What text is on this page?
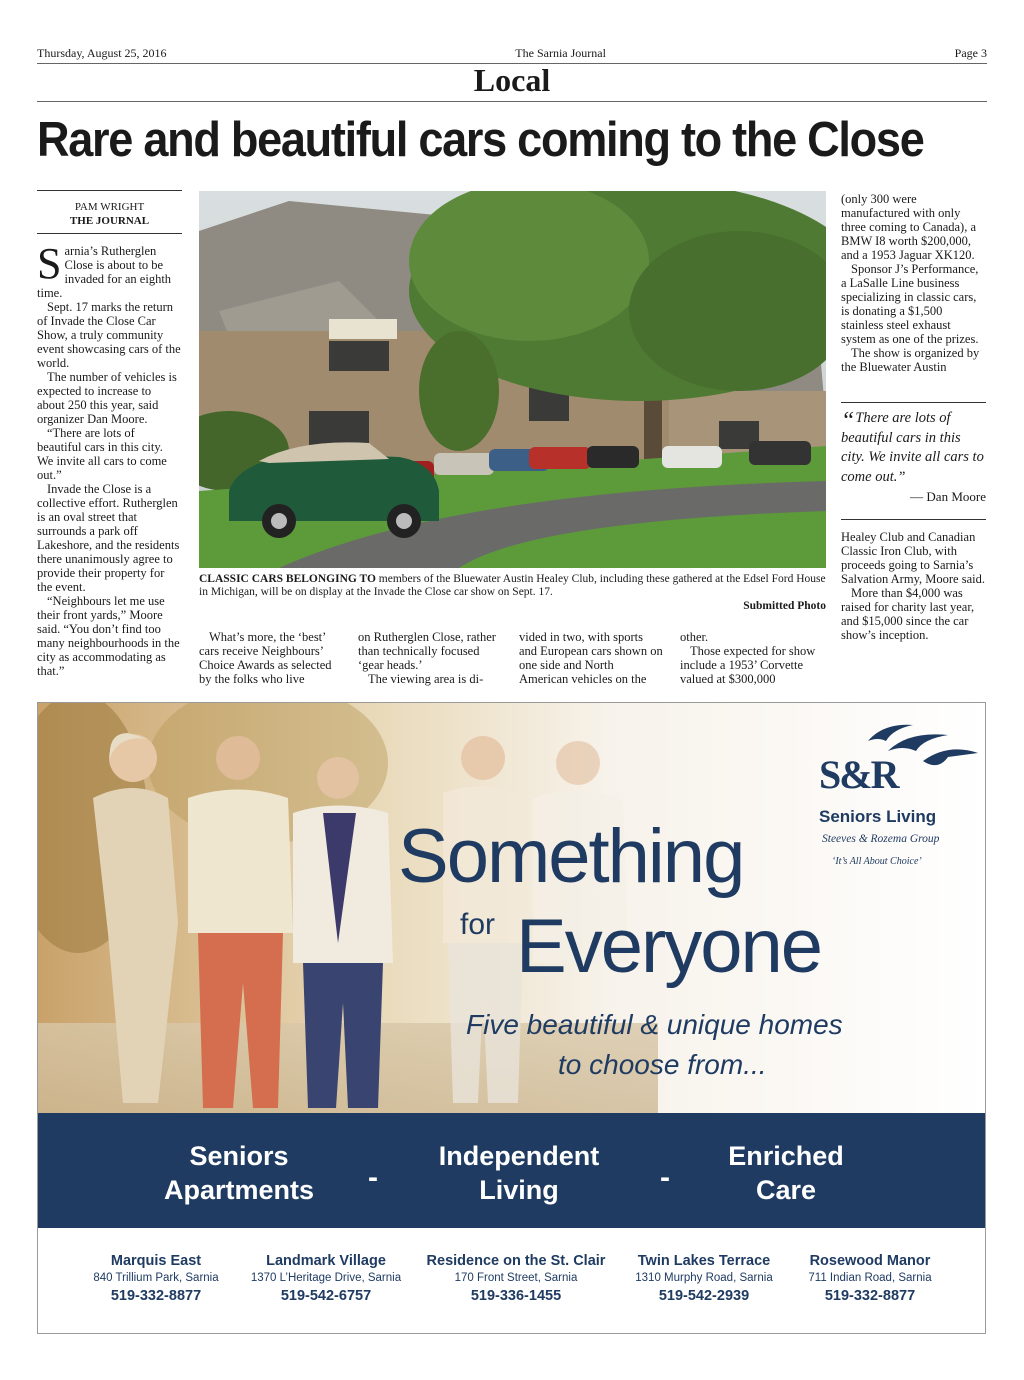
Thursday, August 25, 2016	The Sarnia Journal	Page 3
Local
Rare and beautiful cars coming to the Close
PAM WRIGHT
THE JOURNAL

Sarnia’s Rutherglen Close is about to be invaded for an eighth time.

Sept. 17 marks the return of Invade the Close Car Show, a truly community event showcasing cars of the world.

The number of vehicles is expected to increase to about 250 this year, said organizer Dan Moore.

“There are lots of beautiful cars in this city. We invite all cars to come out.”

Invade the Close is a collective effort. Rutherglen is an oval street that surrounds a park off Lakeshore, and the residents there unanimously agree to provide their property for the event.

“Neighbours let me use their front yards,” Moore said. “You don’t find too many neighbourhoods in the city as accommodating as that.”

CLASSIC CARS BELONGING TO members of the Bluewater Austin Healey Club, including these gathered at the Edsel Ford House in Michigan, will be on display at the Invade the Close car show on Sept. 17.
Submitted Photo

What’s more, the ‘best’ cars receive Neighbours’ Choice Awards as selected by the folks who live

on Rutherglen Close, rather than technically focused ‘gear heads.’

The viewing area is di-

vided in two, with sports and European cars shown on one side and North American vehicles on the

other.

Those expected for show include a 1953’ Corvette valued at $300,000

(only 300 were manufactured with only three coming to Canada), a BMW I8 worth $200,000, and a 1953 Jaguar XK120.

Sponsor J’s Performance, a LaSalle Line business specializing in classic cars, is donating a $1,500 stainless steel exhaust system as one of the prizes.

The show is organized by the Bluewater Austin

“There are lots of beautiful cars in this city. We invite all cars to come out.”
— Dan Moore

Healey Club and Canadian Classic Iron Club, with proceeds going to Sarnia’s Salvation Army, Moore said.

More than $4,000 was raised for charity last year, and $15,000 since the car show’s inception.

S&R
Seniors Living
Steeves & Rozema Group
‘It’s All About Choice’
Something
for Everyone
Five beautiful & unique homes
to choose from...
Seniors
Apartments	-
Independent
Living	-
Enriched
Care
Marquis East
840 Trillium Park, Sarnia
519-332-8877
Landmark Village
1370 L’Heritage Drive, Sarnia
519-542-6757
Residence on the St. Clair
170 Front Street, Sarnia
519-336-1455
Twin Lakes Terrace
1310 Murphy Road, Sarnia
519-542-2939
Rosewood Manor
711 Indian Road, Sarnia
519-332-8877
